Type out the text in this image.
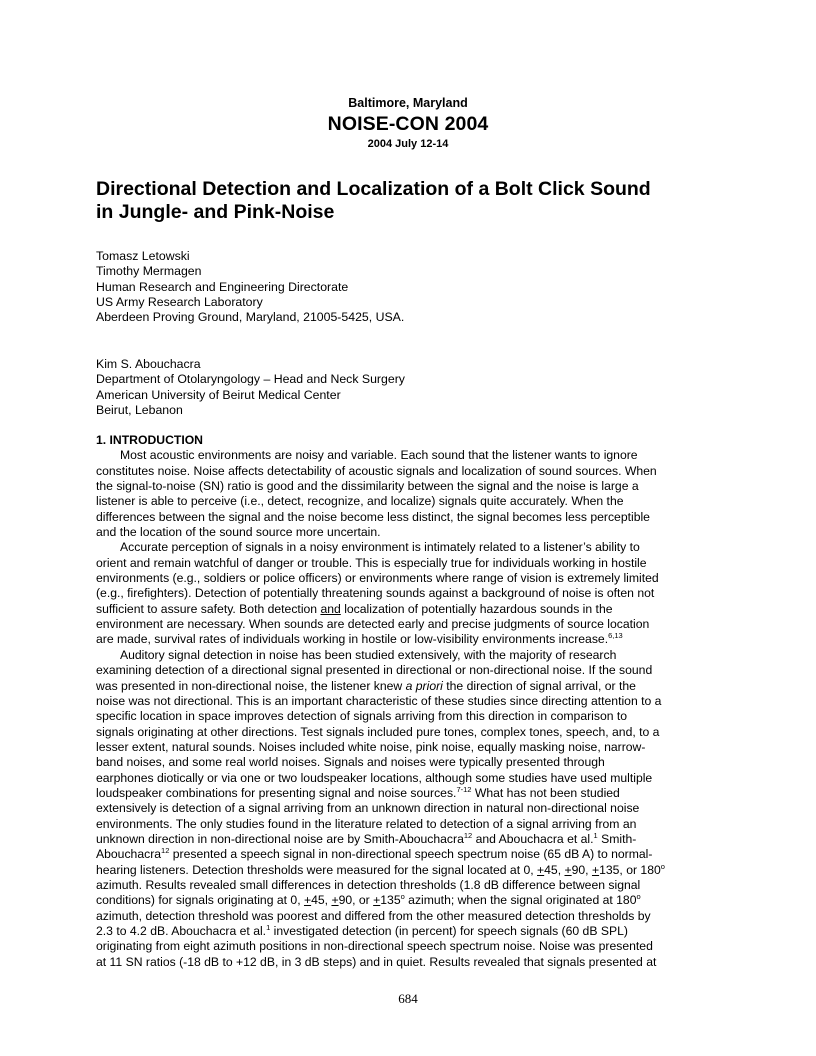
Baltimore, Maryland
NOISE-CON 2004
2004 July 12-14
Directional Detection and Localization of a Bolt Click Sound
in Jungle- and Pink-Noise
Tomasz Letowski
Timothy Mermagen
Human Research and Engineering Directorate
US Army Research Laboratory
Aberdeen Proving Ground, Maryland, 21005-5425, USA.
Kim S. Abouchacra
Department of Otolaryngology – Head and Neck Surgery
American University of Beirut Medical Center
Beirut, Lebanon
1. INTRODUCTION
Most acoustic environments are noisy and variable. Each sound that the listener wants to ignore
constitutes noise. Noise affects detectability of acoustic signals and localization of sound sources. When
the signal-to-noise (SN) ratio is good and the dissimilarity between the signal and the noise is large a
listener is able to perceive (i.e., detect, recognize, and localize) signals quite accurately. When the
differences between the signal and the noise become less distinct, the signal becomes less perceptible
and the location of the sound source more uncertain.
Accurate perception of signals in a noisy environment is intimately related to a listener’s ability to
orient and remain watchful of danger or trouble. This is especially true for individuals working in hostile
environments (e.g., soldiers or police officers) or environments where range of vision is extremely limited
(e.g., firefighters). Detection of potentially threatening sounds against a background of noise is often not
sufficient to assure safety. Both detection and localization of potentially hazardous sounds in the
environment are necessary. When sounds are detected early and precise judgments of source location
are made, survival rates of individuals working in hostile or low-visibility environments increase.$^{6,13}$
Auditory signal detection in noise has been studied extensively, with the majority of research
examining detection of a directional signal presented in directional or non-directional noise. If the sound
was presented in non-directional noise, the listener knew a priori the direction of signal arrival, or the
noise was not directional. This is an important characteristic of these studies since directing attention to a
specific location in space improves detection of signals arriving from this direction in comparison to
signals originating at other directions. Test signals included pure tones, complex tones, speech, and, to a
lesser extent, natural sounds. Noises included white noise, pink noise, equally masking noise, narrow-
band noises, and some real world noises. Signals and noises were typically presented through
earphones diotically or via one or two loudspeaker locations, although some studies have used multiple
loudspeaker combinations for presenting signal and noise sources.$^{7-12}$ What has not been studied
extensively is detection of a signal arriving from an unknown direction in natural non-directional noise
environments. The only studies found in the literature related to detection of a signal arriving from an
unknown direction in non-directional noise are by Smith-Abouchacra$^{12}$ and Abouchacra et al.$^1$ Smith-
Abouchacra$^{12}$ presented a speech signal in non-directional speech spectrum noise (65 dB A) to normal-
hearing listeners. Detection thresholds were measured for the signal located at 0, +45, +90, +135, or 180$^o$
azimuth. Results revealed small differences in detection thresholds (1.8 dB difference between signal
conditions) for signals originating at 0, +45, +90, or $+135^o$ azimuth; when the signal originated at 180$^o$
azimuth, detection threshold was poorest and differed from the other measured detection thresholds by
2.3 to 4.2 dB. Abouchacra et al.$^1$ investigated detection (in percent) for speech signals (60 dB SPL)
originating from eight azimuth positions in non-directional speech spectrum noise. Noise was presented
at 11 SN ratios (-18 dB to +12 dB, in 3 dB steps) and in quiet. Results revealed that signals presented at
684
